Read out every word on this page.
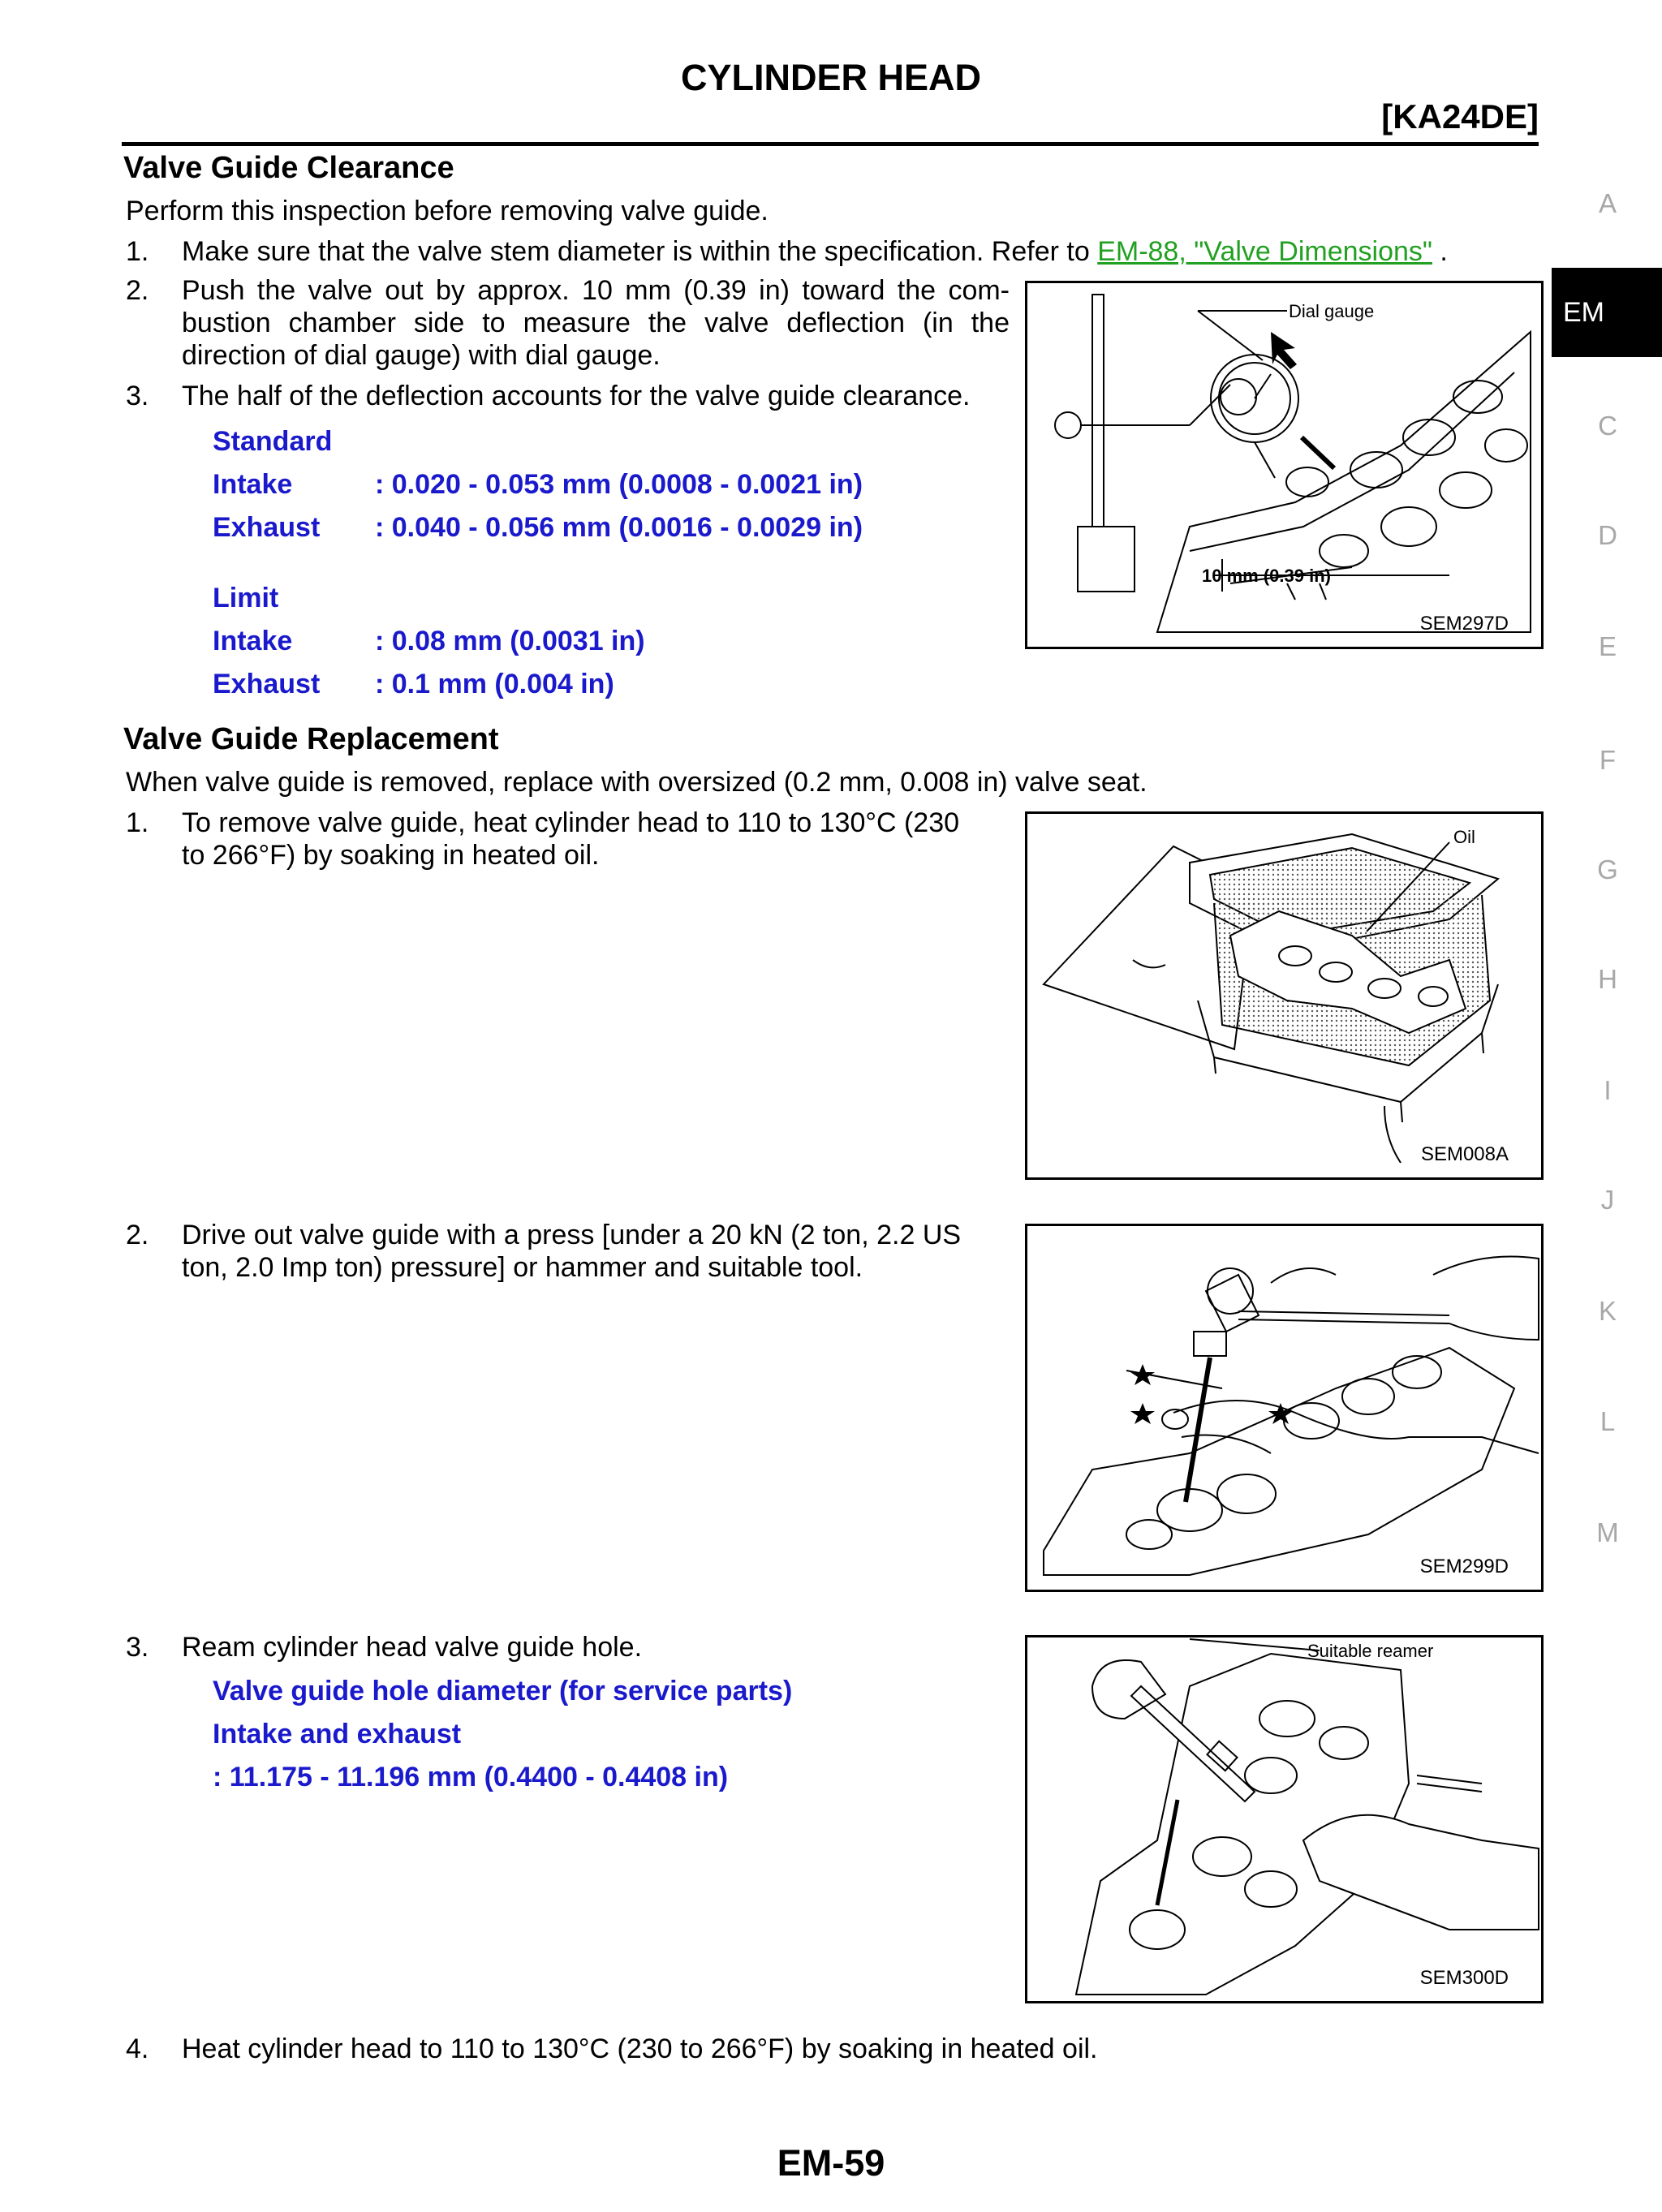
CYLINDER HEAD
[KA24DE]
Valve Guide Clearance
Perform this inspection before removing valve guide.
1. Make sure that the valve stem diameter is within the specification. Refer to EM-88, "Valve Dimensions" .
2. Push the valve out by approx. 10 mm (0.39 in) toward the com-
bustion chamber side to measure the valve deflection (in the
direction of dial gauge) with dial gauge.
3. The half of the deflection accounts for the valve guide clearance.
Standard
Intake	: 0.020 - 0.053 mm (0.0008 - 0.0021 in)
Exhaust : 0.040 - 0.056 mm (0.0016 - 0.0029 in)
Limit
Intake	: 0.08 mm (0.0031 in)
Exhaust : 0.1 mm (0.004 in)
Dial gauge
10 mm (0.39 in)
SEM297D
Valve Guide Replacement
When valve guide is removed, replace with oversized (0.2 mm, 0.008 in) valve seat.
1. To remove valve guide, heat cylinder head to 110 to 130°C (230
to 266°F) by soaking in heated oil.
Oil
SEM008A
2. Drive out valve guide with a press [under a 20 kN (2 ton, 2.2 US
ton, 2.0 Imp ton) pressure] or hammer and suitable tool.
SEM299D
3. Ream cylinder head valve guide hole.
Valve guide hole diameter (for service parts)
Intake and exhaust
: 11.175 - 11.196 mm (0.4400 - 0.4408 in)
Suitable reamer
SEM300D
4. Heat cylinder head to 110 to 130°C (230 to 266°F) by soaking in heated oil.
A
EM
C
D
E
F
G
H
I
J
K
L
M
EM-59
